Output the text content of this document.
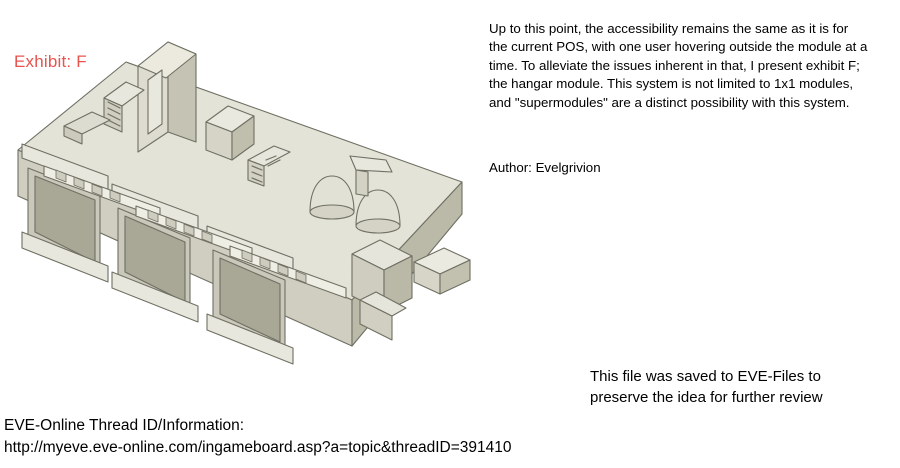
Exhibit: F
Up to this point, the accessibility remains the same as it is for the current POS, with one user hovering outside the module at a time. To alleviate the issues inherent in that, I present exhibit F; the hangar module. This system is not limited to 1x1 modules, and "supermodules" are a distinct possibility with this system.
Author: Evelgrivion
This file was saved to EVE-Files to
preserve the idea for further review
EVE-Online Thread ID/Information:
http://myeve.eve-online.com/ingameboard.asp?a=topic&threadID=391410
